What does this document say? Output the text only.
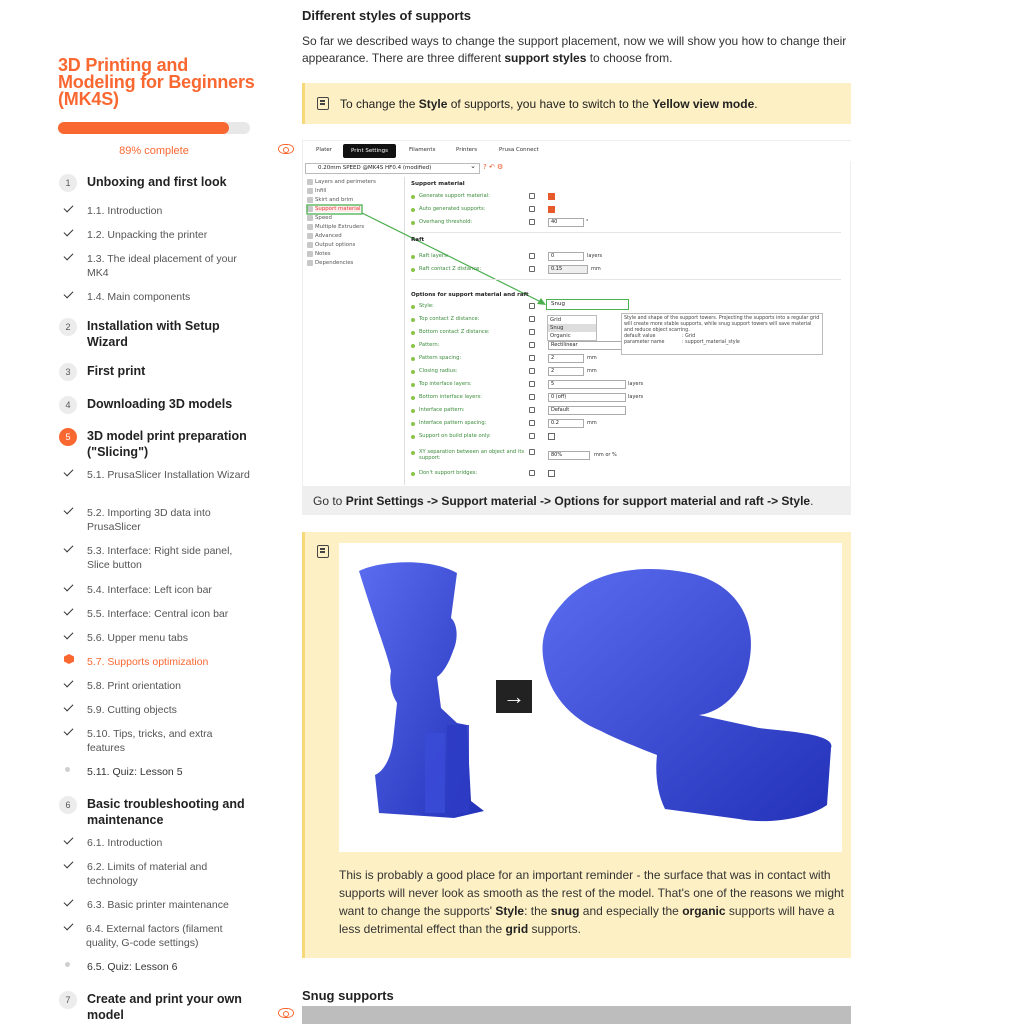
3D Printing and Modeling for Beginners (MK4S)
89% complete
1	Unboxing and first look
1.1. Introduction
1.2. Unpacking the printer
1.3. The ideal placement of your MK4
1.4. Main components
2	Installation with Setup Wizard
3	First print
4	Downloading 3D models
5	3D model print preparation ("Slicing")
5.1. PrusaSlicer Installation Wizard
5.2. Importing 3D data into PrusaSlicer
5.3. Interface: Right side panel, Slice button
5.4. Interface: Left icon bar
5.5. Interface: Central icon bar
5.6. Upper menu tabs
5.7. Supports optimization
5.8. Print orientation
5.9. Cutting objects
5.10. Tips, tricks, and extra features
5.11. Quiz: Lesson 5
6	Basic troubleshooting and maintenance
6.1. Introduction
6.2. Limits of material and technology
6.3. Basic printer maintenance
6.4. External factors (filament quality, G-code settings)
6.5. Quiz: Lesson 6
7	Create and print your own model
Different styles of supports

So far we described ways to change the support placement, now we will show you how to change their appearance. There are three different support styles to choose from.

To change the Style of supports, you have to switch to the Yellow view mode.
Plater	Print Settings	Filaments	Printers	Prusa Connect
0.20mm SPEED @MK4S HF0.4 (modified) ⌄	? ↶ ⚙
Layers and perimeters
Infill
Skirt and brim
Support material
Speed
Multiple Extruders
Advanced
Output options
Notes
Dependencies
Support material
Generate support material:
Auto generated supports:
Overhang threshold:	40	°
Raft
Raft layers:	0	layers
Raft contact Z distance:	0.15	mm
Options for support material and raft
Style:
Top contact Z distance:
Bottom contact Z distance:
Pattern:	Rectilinear
Pattern spacing:	2	mm
Closing radius:	2	mm
Top interface layers:	5	layers
Bottom interface layers:	0 (off)	layers
Interface pattern:	Default
Interface pattern spacing:	0.2	mm
Support on build plate only:
XY separation between an object and its support:	80%	mm or %
Don't support bridges:
Snug
Grid
Snug
Organic
Style and shape of the support towers. Projecting the supports into a regular grid will create more stable supports, while snug support towers will save material and reduce object scarring.
default value	: Grid
parameter name	: support_material_style
Go to Print Settings -> Support material -> Options for support material and raft -> Style.
→

This is probably a good place for an important reminder - the surface that was in contact with supports will never look as smooth as the rest of the model. That's one of the reasons we might want to change the supports' Style: the snug and especially the organic supports will have a less detrimental effect than the grid supports.

Snug supports
